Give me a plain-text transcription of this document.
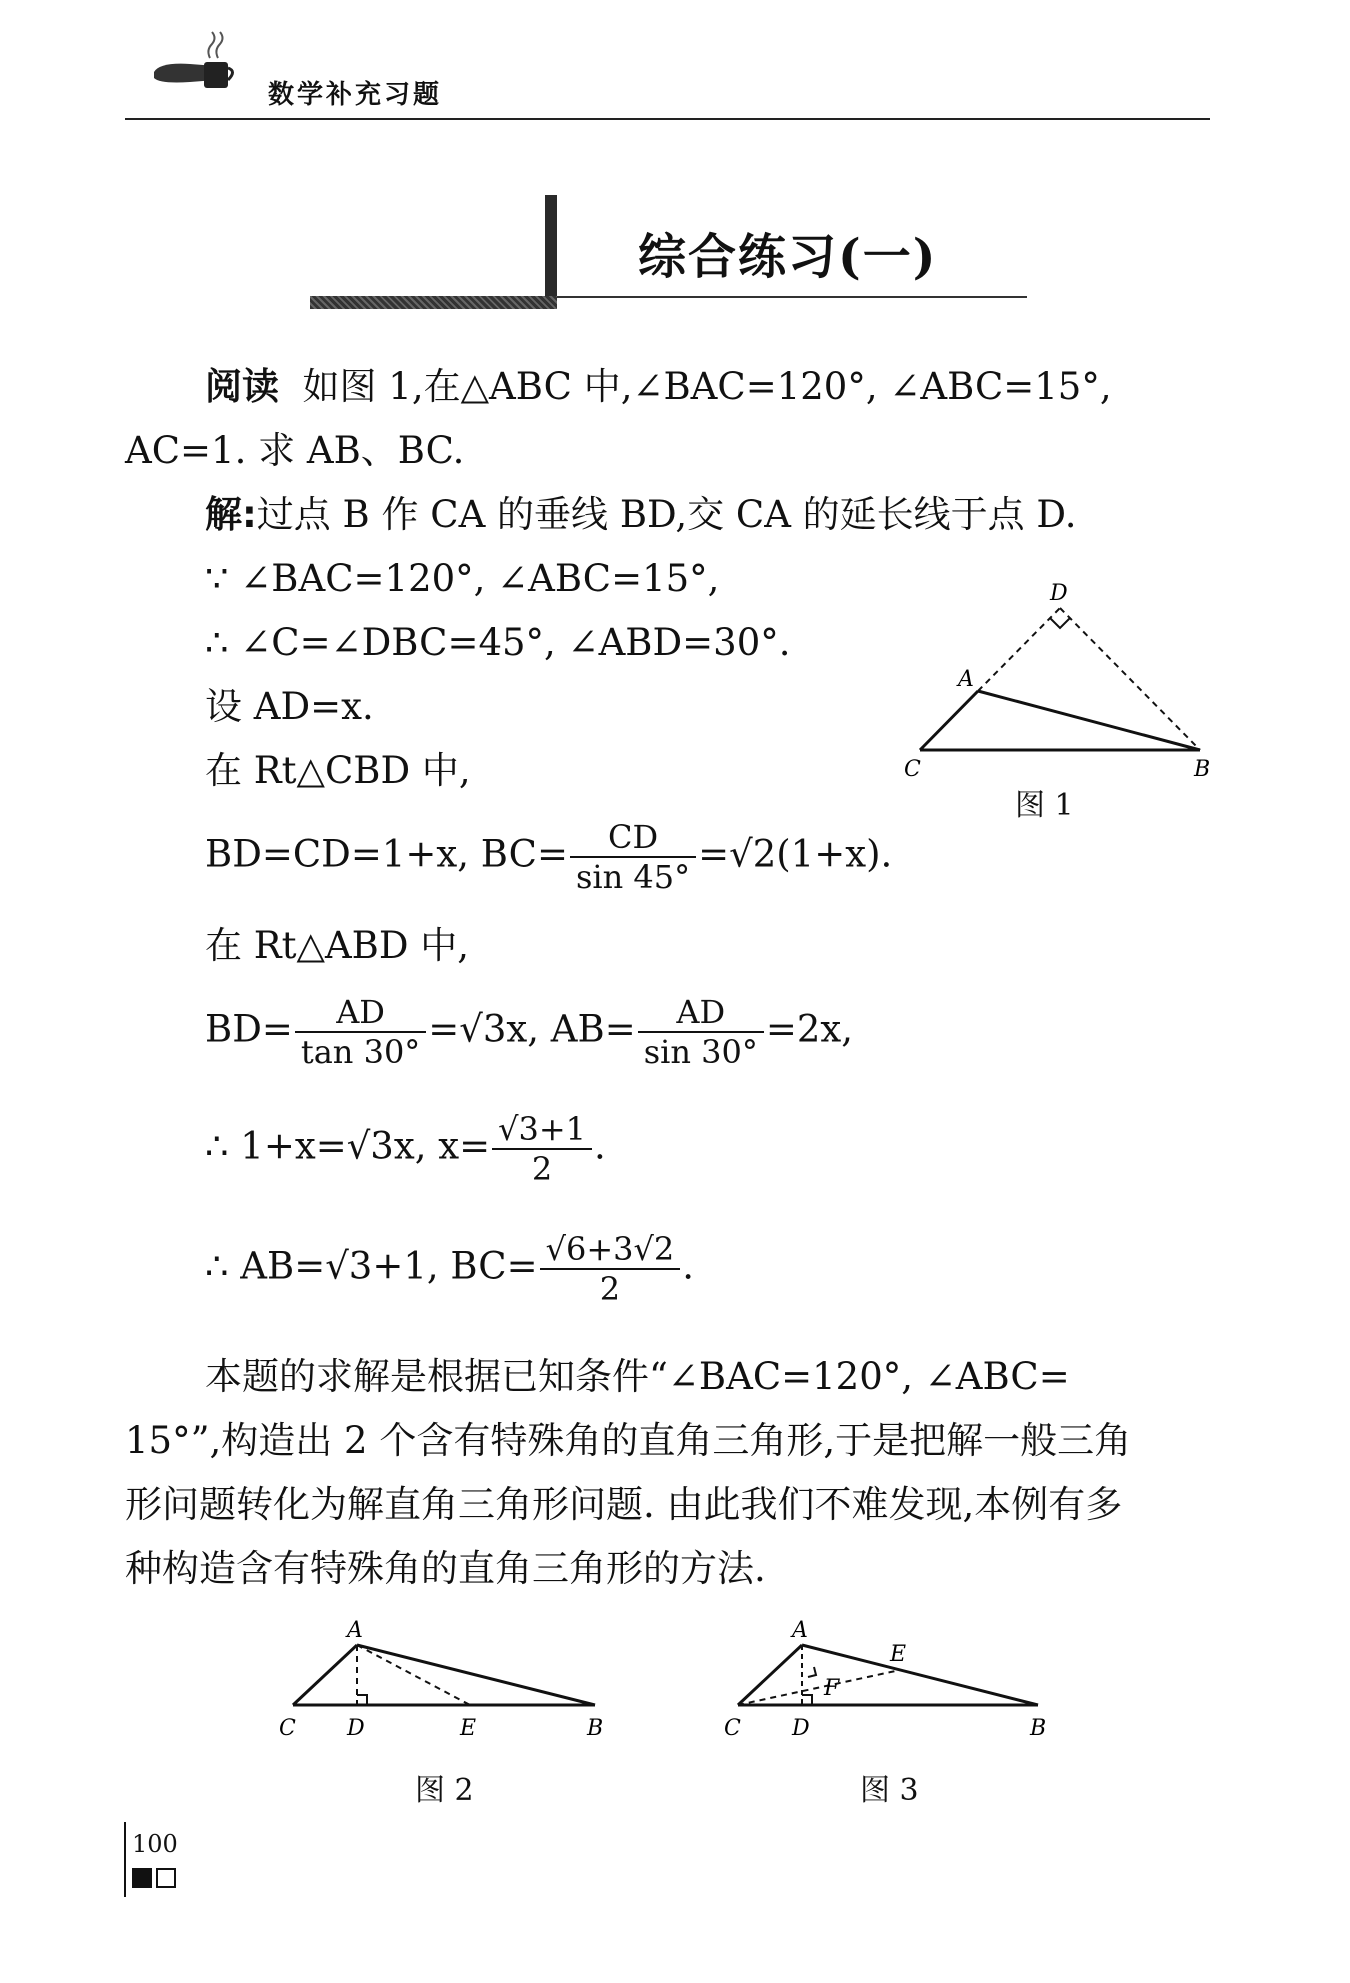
数学补充习题
综合练习(一)
阅读 如图 1,在△ABC 中,∠BAC=120°, ∠ABC=15°,
AC=1. 求 AB、BC.
解:过点 B 作 CA 的垂线 BD,交 CA 的延长线于点 D.
∵ ∠BAC=120°, ∠ABC=15°,
∴ ∠C=∠DBC=45°, ∠ABD=30°.
设 AD=x.
在 Rt△CBD 中,
BD=CD=1+x, $BC= \frac{CD}{\sin 45^\circ} =√2(1+x)$.
在 Rt△ABD 中,
$BD= \frac{AD}{\tan 30^\circ} =√3x$, $AB= \frac{AD}{\sin 30^\circ} =2x$,
∴ 1+x=√3x, $x= \frac{√3+1}{2}$ .
∴ AB=√3+1, $BC= \frac{√6+3√2}{2}$ .
本题的求解是根据已知条件“∠BAC=120°, ∠ABC=
15°”,构造出 2 个含有特殊角的直角三角形,于是把解一般三角
形问题转化为解直角三角形问题. 由此我们不难发现,本例有多
种构造含有特殊角的直角三角形的方法.
D
A
C	B
图 1
A
C D	E	B
图 2
A
E
F
C D	B
图 3
100
